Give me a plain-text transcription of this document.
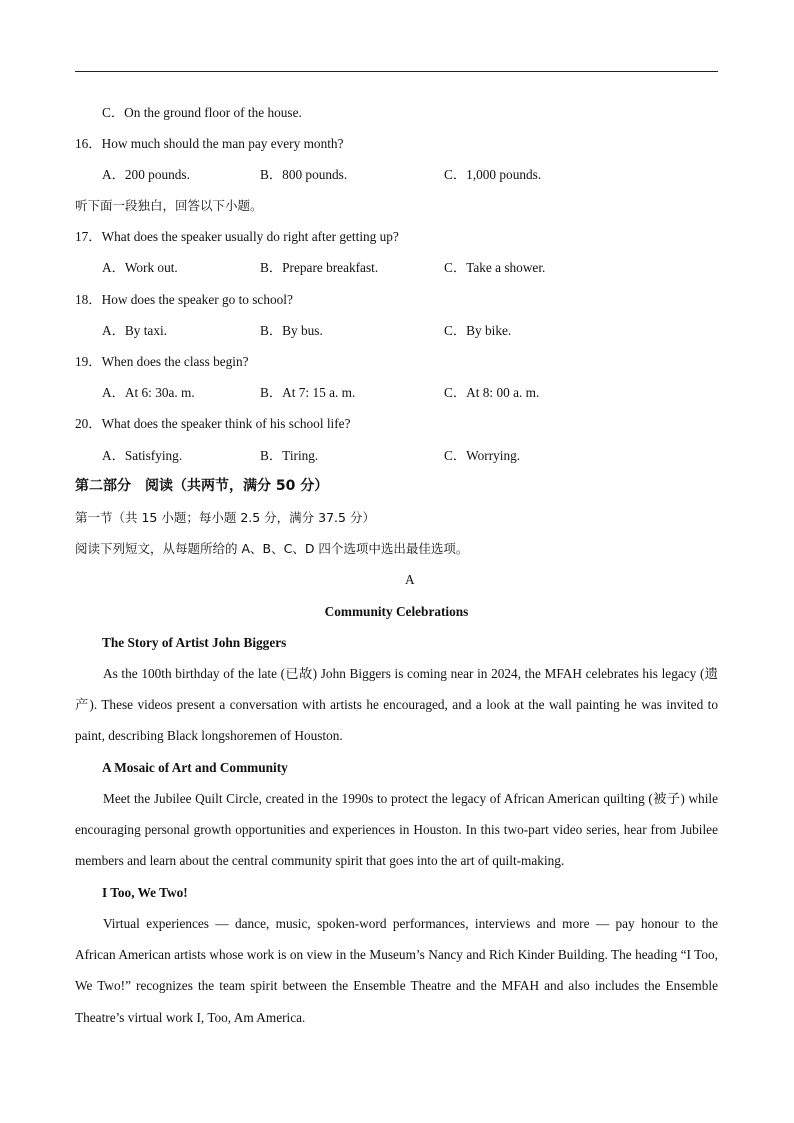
C．On the ground floor of the house.
16．How much should the man pay every month?
A．200 pounds.	B．800 pounds.	C．1,000 pounds.
听下面一段独白，回答以下小题。
17．What does the speaker usually do right after getting up?
A．Work out.	B．Prepare breakfast.	C．Take a shower.
18．How does the speaker go to school?
A．By taxi.	B．By bus.	C．By bike.
19．When does the class begin?
A．At 6: 30a. m.	B．At 7: 15 a. m.	C．At 8: 00 a. m.
20．What does the speaker think of his school life?
A．Satisfying.	B．Tiring.	C．Worrying.
第二部分　阅读（共两节，满分 50 分）
第一节（共 15 小题；每小题 2.5 分，满分 37.5 分）
阅读下列短文，从每题所给的 A、B、C、D 四个选项中选出最佳选项。
A
Community Celebrations
The Story of Artist John Biggers
As the 100th birthday of the late (已故) John Biggers is coming near in 2024, the MFAH celebrates his legacy (遗产). These videos present a conversation with artists he encouraged, and a look at the wall painting he was invited to paint, describing Black longshoremen of Houston.
A Mosaic of Art and Community
Meet the Jubilee Quilt Circle, created in the 1990s to protect the legacy of African American quilting (被子) while encouraging personal growth opportunities and experiences in Houston. In this two-part video series, hear from Jubilee members and learn about the central community spirit that goes into the art of quilt-making.
I Too, We Two!
Virtual experiences — dance, music, spoken-word performances, interviews and more — pay honour to the African American artists whose work is on view in the Museum’s Nancy and Rich Kinder Building. The heading “I Too, We Two!” recognizes the team spirit between the Ensemble Theatre and the MFAH and also includes the Ensemble Theatre’s virtual work I, Too, Am America.
